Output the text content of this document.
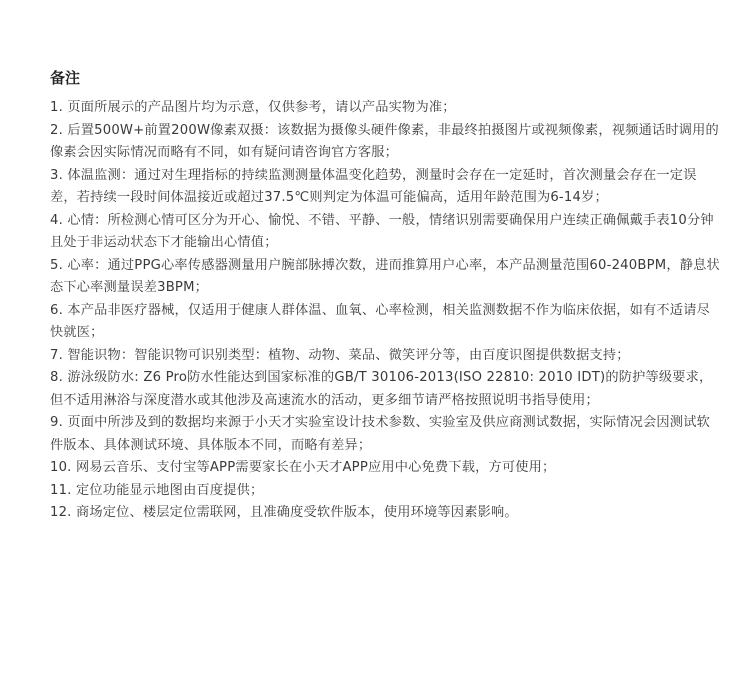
备注
1. 页面所展示的产品图片均为示意，仅供参考，请以产品实物为准；
2. 后置500W+前置200W像素双摄：该数据为摄像头硬件像素，非最终拍摄图片或视频像素，视频通话时调用的像素会因实际情况而略有不同，如有疑问请咨询官方客服；
3. 体温监测：通过对生理指标的持续监测测量体温变化趋势，测量时会存在一定延时，首次测量会存在一定误差，若持续一段时间体温接近或超过37.5℃则判定为体温可能偏高，适用年龄范围为6-14岁；
4. 心情：所检测心情可区分为开心、愉悦、不错、平静、一般，情绪识别需要确保用户连续正确佩戴手表10分钟且处于非运动状态下才能输出心情值；
5. 心率：通过PPG心率传感器测量用户腕部脉搏次数，进而推算用户心率，本产品测量范围60-240BPM，静息状态下心率测量误差3BPM；
6. 本产品非医疗器械，仅适用于健康人群体温、血氧、心率检测，相关监测数据不作为临床依据，如有不适请尽快就医；
7. 智能识物：智能识物可识别类型：植物、动物、菜品、微笑评分等，由百度识图提供数据支持；
8. 游泳级防水: Z6 Pro防水性能达到国家标准的GB/T 30106-2013(ISO 22810: 2010 IDT)的防护等级要求，但不适用淋浴与深度潜水或其他涉及高速流水的活动，更多细节请严格按照说明书指导使用；
9. 页面中所涉及到的数据均来源于小天才实验室设计技术参数、实验室及供应商测试数据，实际情况会因测试软件版本、具体测试环境、具体版本不同，而略有差异；
10. 网易云音乐、支付宝等APP需要家长在小天才APP应用中心免费下载，方可使用；
11. 定位功能显示地图由百度提供；
12. 商场定位、楼层定位需联网，且准确度受软件版本，使用环境等因素影响。
